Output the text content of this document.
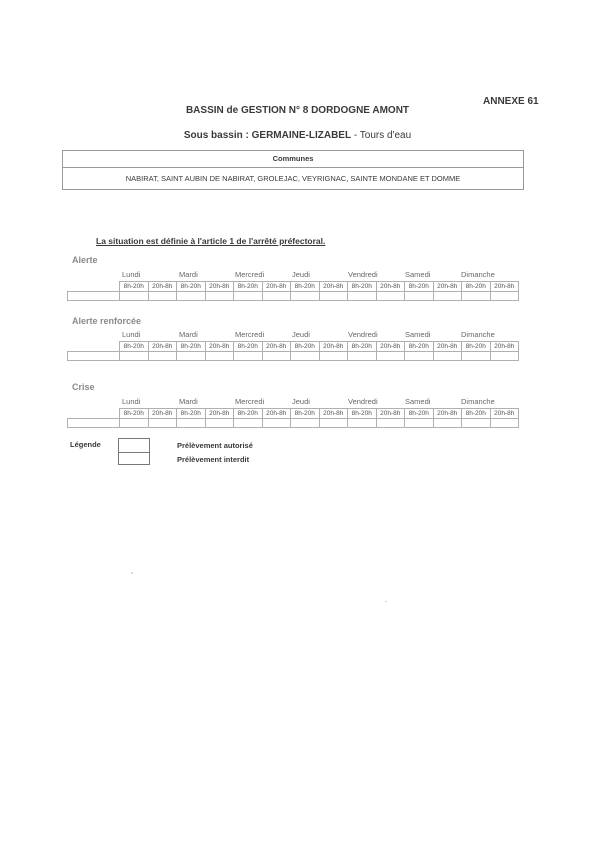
ANNEXE 61
BASSIN de GESTION N° 8 DORDOGNE AMONT
Sous bassin : GERMAINE-LIZABEL - Tours d'eau
Communes
NABIRAT, SAINT AUBIN DE NABIRAT, GROLEJAC, VEYRIGNAC, SAINTE MONDANE ET DOMME
La situation est définie à l'article 1 de l'arrêté préfectoral.
Alerte
Lundi	Mardi	Mercredi	Jeudi	Vendredi	Samedi	Dimanche
	8h-20h	20h-8h	8h-20h	20h-8h	8h-20h	20h-8h	8h-20h	20h-8h	8h-20h	20h-8h	8h-20h	20h-8h	8h-20h	20h-8h

Alerte renforcée
Lundi	Mardi	Mercredi	Jeudi	Vendredi	Samedi	Dimanche
	8h-20h	20h-8h	8h-20h	20h-8h	8h-20h	20h-8h	8h-20h	20h-8h	8h-20h	20h-8h	8h-20h	20h-8h	8h-20h	20h-8h

Crise
Lundi	Mardi	Mercredi	Jeudi	Vendredi	Samedi	Dimanche
	8h-20h	20h-8h	8h-20h	20h-8h	8h-20h	20h-8h	8h-20h	20h-8h	8h-20h	20h-8h	8h-20h	20h-8h	8h-20h	20h-8h

Légende	Prélèvement autorisé
Prélèvement interdit
,
.
